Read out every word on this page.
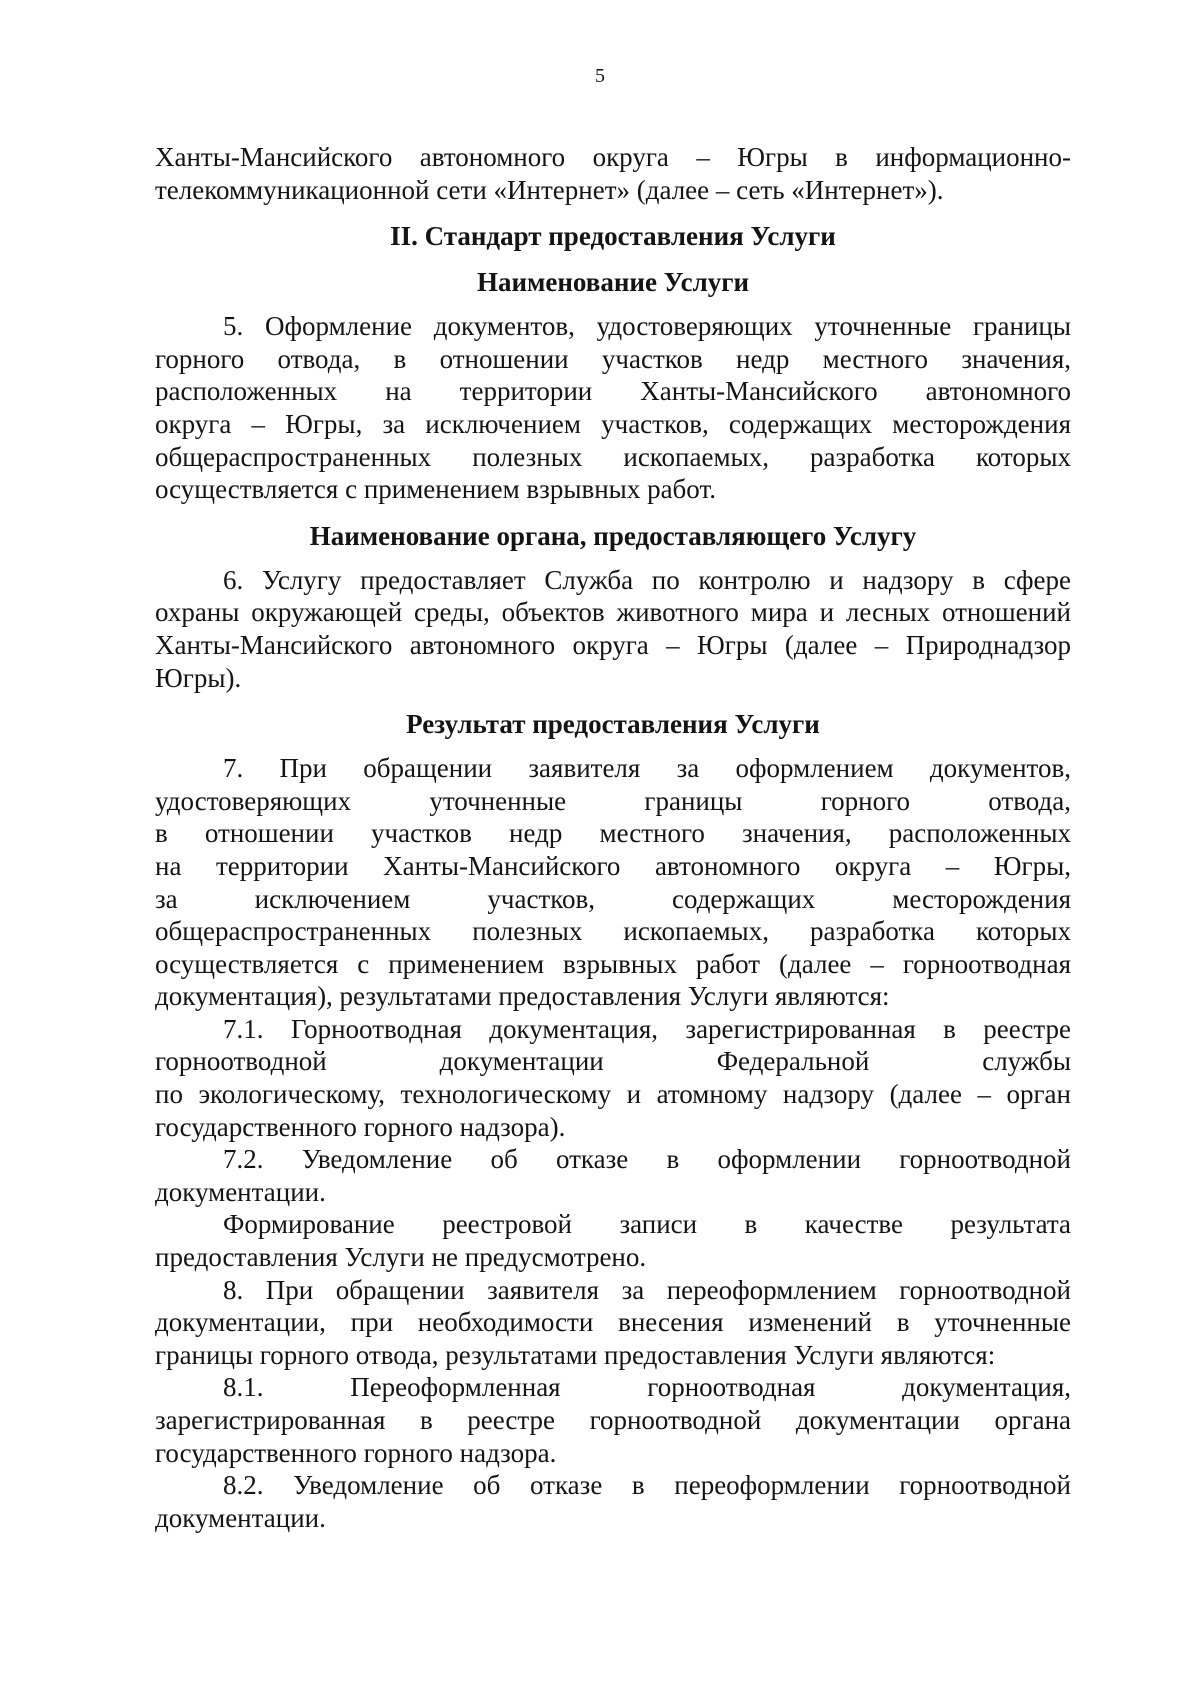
5
Ханты-Мансийского автономного округа – Югры в информационно-
телекоммуникационной сети «Интернет» (далее – сеть «Интернет»).
II. Стандарт предоставления Услуги
Наименование Услуги
5. Оформление документов, удостоверяющих уточненные границы
горного отвода, в отношении участков недр местного значения,
расположенных на территории Ханты-Мансийского автономного
округа – Югры, за исключением участков, содержащих месторождения
общераспространенных полезных ископаемых, разработка которых
осуществляется с применением взрывных работ.
Наименование органа, предоставляющего Услугу
6. Услугу предоставляет Служба по контролю и надзору в сфере
охраны окружающей среды, объектов животного мира и лесных отношений
Ханты-Мансийского автономного округа – Югры (далее – Природнадзор
Югры).
Результат предоставления Услуги
7. При обращении заявителя за оформлением документов,
удостоверяющих уточненные границы горного отвода,
в отношении участков недр местного значения, расположенных
на территории Ханты-Мансийского автономного округа – Югры,
за исключением участков, содержащих месторождения
общераспространенных полезных ископаемых, разработка которых
осуществляется с применением взрывных работ (далее – горноотводная
документация), результатами предоставления Услуги являются:
7.1. Горноотводная документация, зарегистрированная в реестре
горноотводной документации Федеральной службы
по экологическому, технологическому и атомному надзору (далее – орган
государственного горного надзора).
7.2. Уведомление об отказе в оформлении горноотводной
документации.
Формирование реестровой записи в качестве результата
предоставления Услуги не предусмотрено.
8. При обращении заявителя за переоформлением горноотводной
документации, при необходимости внесения изменений в уточненные
границы горного отвода, результатами предоставления Услуги являются:
8.1. Переоформленная горноотводная документация,
зарегистрированная в реестре горноотводной документации органа
государственного горного надзора.
8.2. Уведомление об отказе в переоформлении горноотводной
документации.
